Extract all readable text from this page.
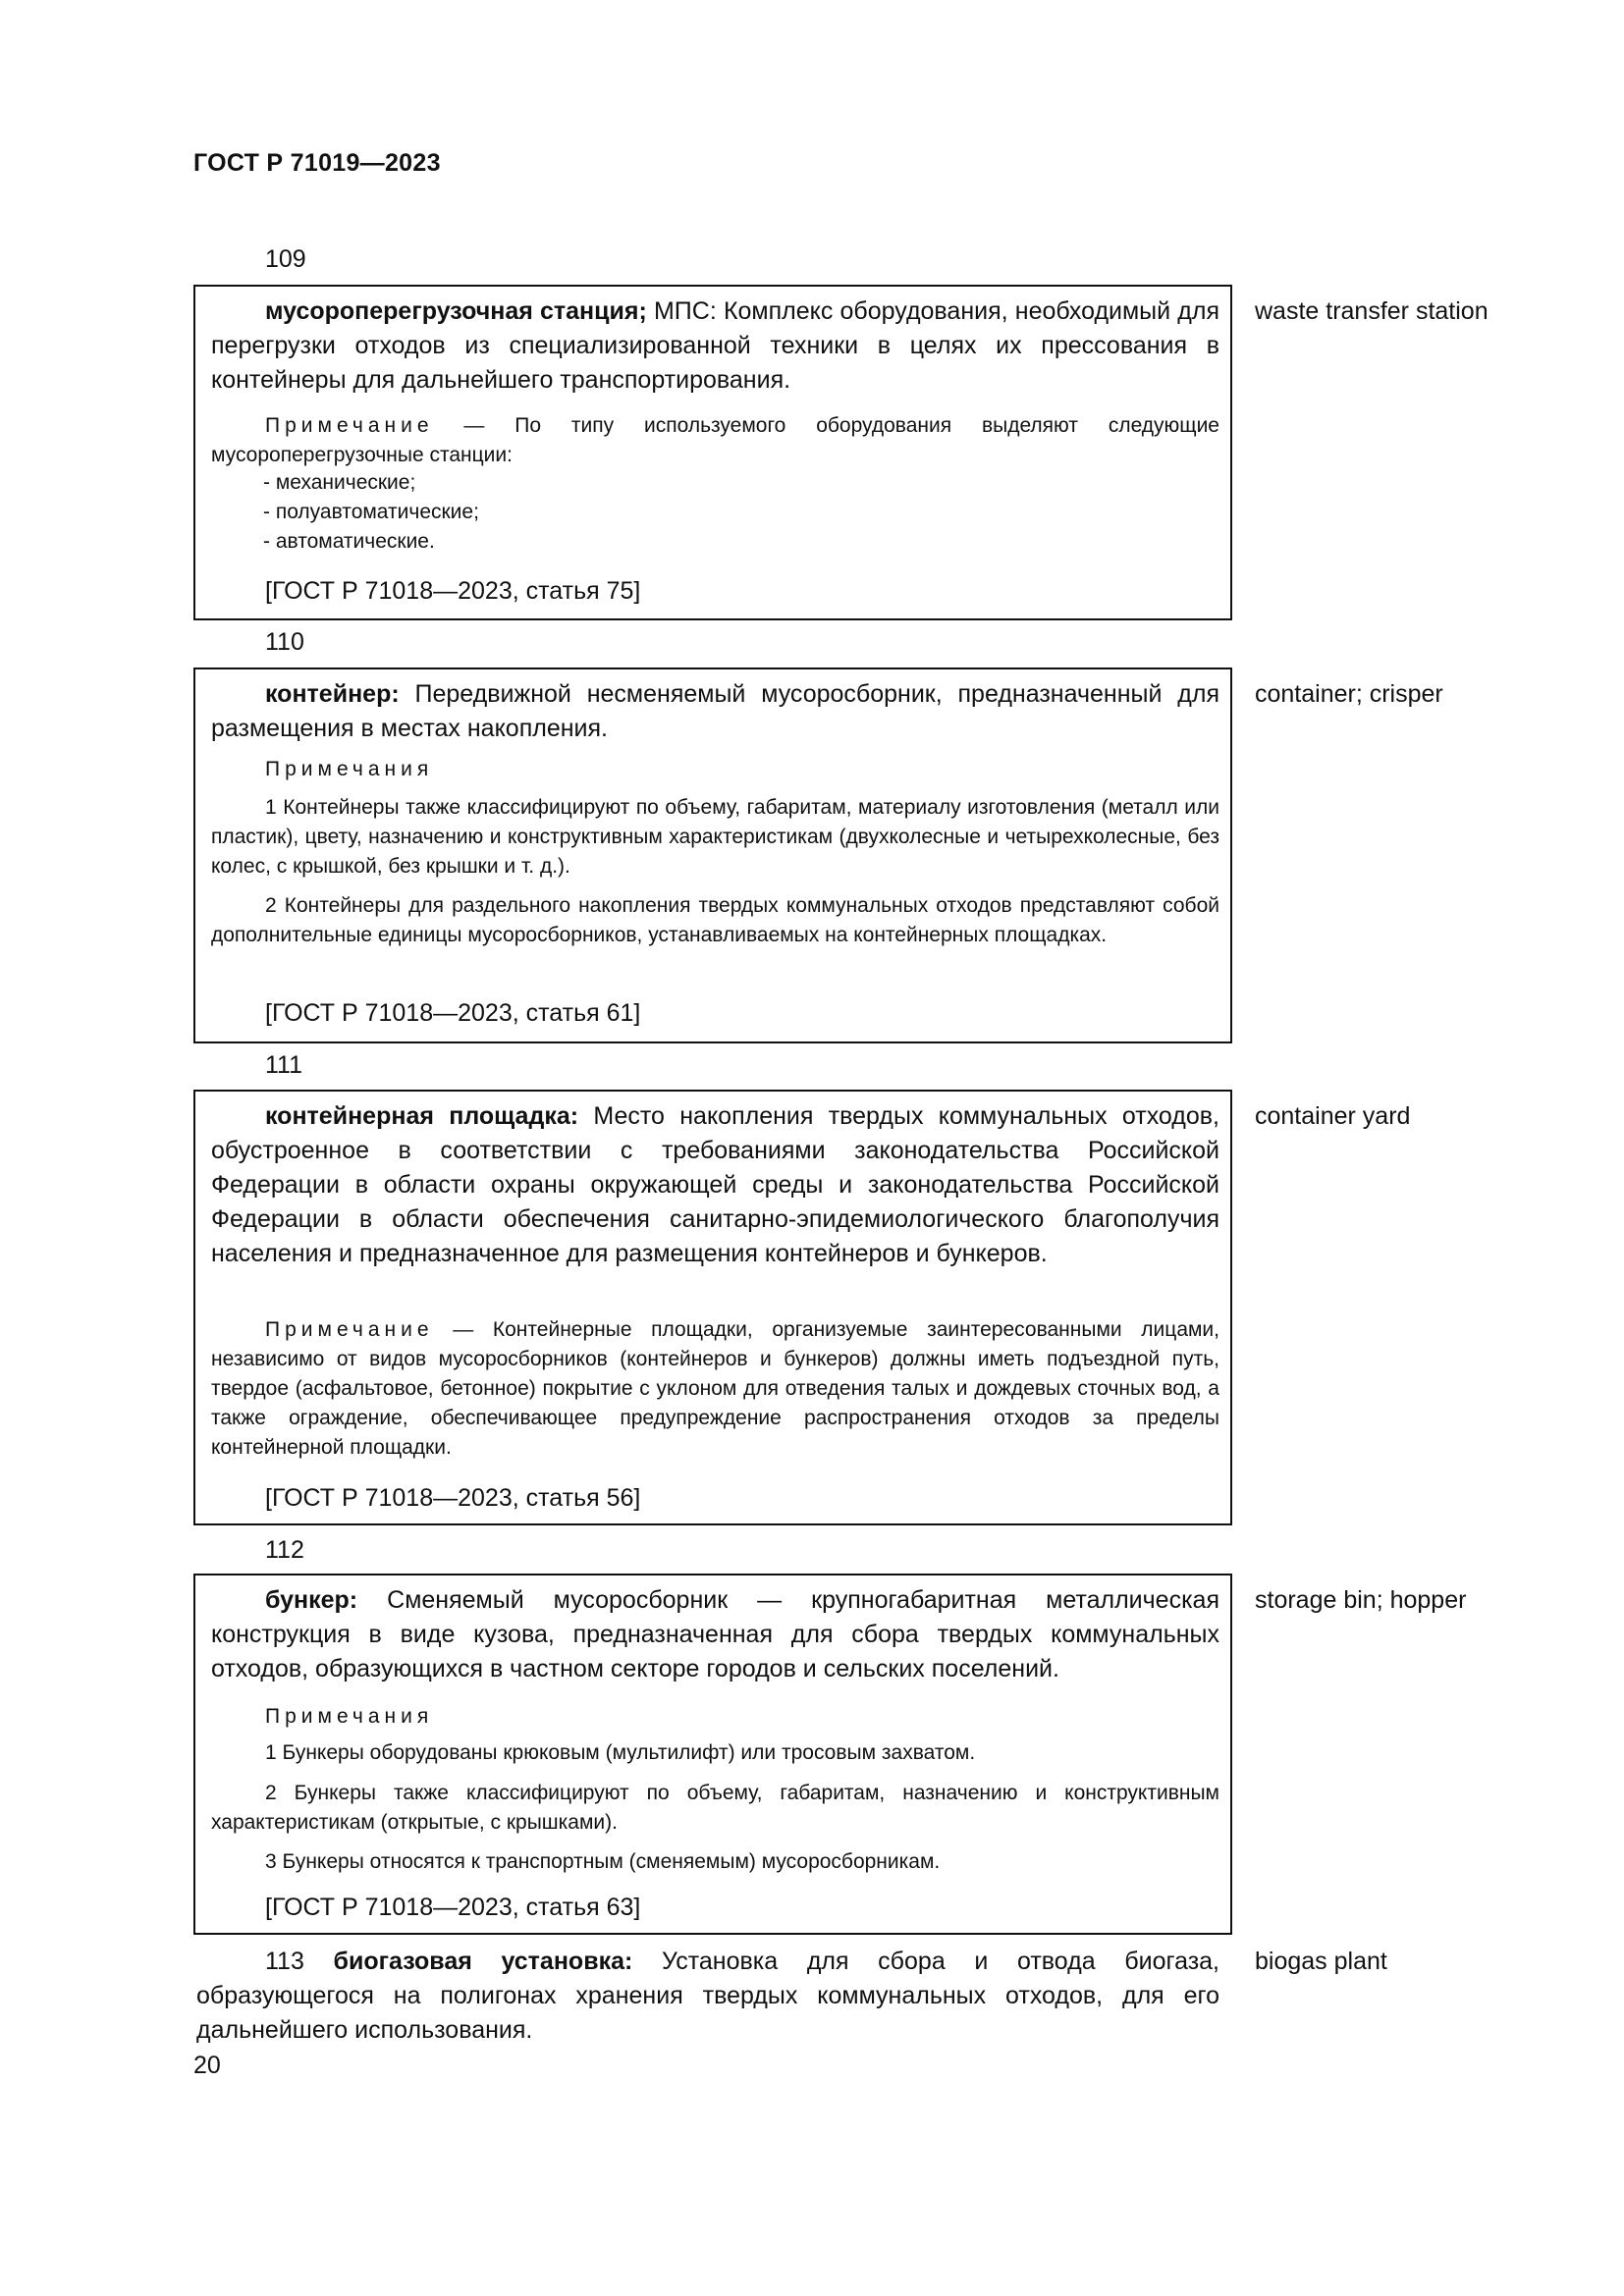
ГОСТ Р 71019—2023
109

мусороперегрузочная станция; МПС: Комплекс оборудования, необходимый для перегрузки отходов из специализированной техники в целях их прессования в контейнеры для дальнейшего транспортирования.

Примечание — По типу используемого оборудования выделяют следующие мусороперегрузочные станции:

- механические;
- полуавтоматические;
- автоматические.
[ГОСТ Р 71018—2023, статья 75]
waste transfer station
110

контейнер: Передвижной несменяемый мусоросборник, предназначенный для размещения в местах накопления.

Примечания

1 Контейнеры также классифицируют по объему, габаритам, материалу изготовления (металл или пластик), цвету, назначению и конструктивным характеристикам (двухколесные и четырехколесные, без колес, с крышкой, без крышки и т. д.).

2 Контейнеры для раздельного накопления твердых коммунальных отходов представляют собой дополнительные единицы мусоросборников, устанавливаемых на контейнерных площадках.

[ГОСТ Р 71018—2023, статья 61]
container; crisper
111

контейнерная площадка: Место накопления твердых коммунальных отходов, обустроенное в соответствии с требованиями законодательства Российской Федерации в области охраны окружающей среды и законодательства Российской Федерации в области обеспечения санитарно-эпидемиологического благополучия населения и предназначенное для размещения контейнеров и бункеров.

Примечание — Контейнерные площадки, организуемые заинтересованными лицами, независимо от видов мусоросборников (контейнеров и бункеров) должны иметь подъездной путь, твердое (асфальтовое, бетонное) покрытие с уклоном для отведения талых и дождевых сточных вод, а также ограждение, обеспечивающее предупреждение распространения отходов за пределы контейнерной площадки.

[ГОСТ Р 71018—2023, статья 56]
container yard
112

бункер: Сменяемый мусоросборник — крупногабаритная металлическая конструкция в виде кузова, предназначенная для сбора твердых коммунальных отходов, образующихся в частном секторе городов и сельских поселений.

Примечания

1 Бункеры оборудованы крюковым (мультилифт) или тросовым захватом.

2 Бункеры также классифицируют по объему, габаритам, назначению и конструктивным характеристикам (открытые, с крышками).

3 Бункеры относятся к транспортным (сменяемым) мусоросборникам.

[ГОСТ Р 71018—2023, статья 63]
storage bin; hopper

113 биогазовая установка: Установка для сбора и отвода биогаза, образующегося на полигонах хранения твердых коммунальных отходов, для его дальнейшего использования.

biogas plant
20
